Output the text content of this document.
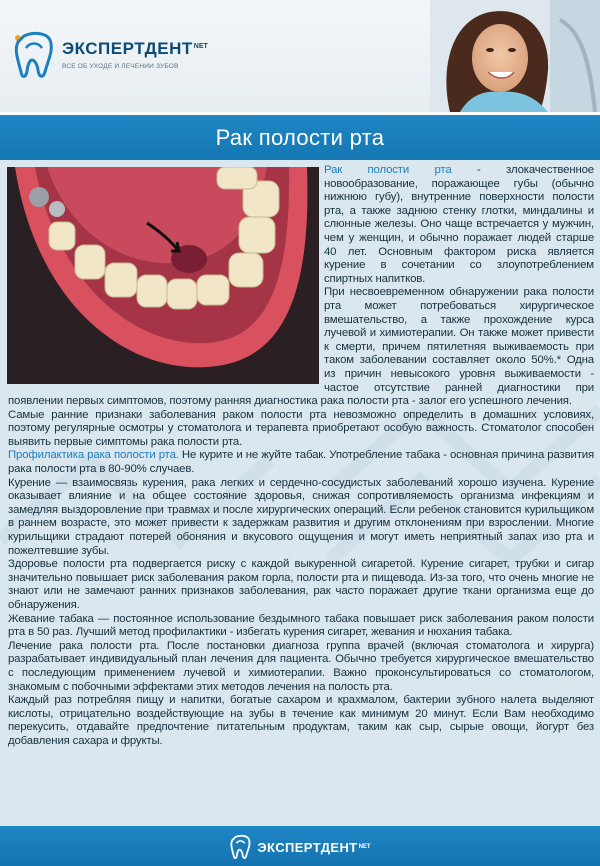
$ЭКСПЕРТДЕНТ^{NET}$
ВСЕ ОБ УХОДЕ И ЛЕЧЕНИИ ЗУБОВ
Рак полости рта

Рак полости рта - злокачественное новообразование, поражающее губы (обычно нижнюю губу), внутренние поверхности полости рта, а также заднюю стенку глотки, миндалины и слюнные железы. Оно чаще встречается у мужчин, чем у женщин, и обычно поражает людей старше 40 лет. Основным фактором риска является курение в сочетании со злоупотреблением спиртных напитков.

При несвоевременном обнаружении рака полости рта может потребоваться хирургическое вмешательство, а также прохождение курса лучевой и химиотерапии. Он также может привести к смерти, причем пятилетняя выживаемость при таком заболевании составляет около 50%.* Одна из причин невысокого уровня выживаемости - частое отсутствие ранней диагностики при появлении первых симптомов, поэтому ранняя диагностика рака полости рта - залог его успешного лечения.

Самые ранние признаки заболевания раком полости рта невозможно определить в домашних условиях, поэтому регулярные осмотры у стоматолога и терапевта приобретают особую важность. Стоматолог способен выявить первые симптомы рака полости рта.

Профилактика рака полости рта. Не курите и не жуйте табак. Употребление табака - основная причина развития рака полости рта в 80-90% случаев.

Курение — взаимосвязь курения, рака легких и сердечно-сосудистых заболеваний хорошо изучена. Курение оказывает влияние и на общее состояние здоровья, снижая сопротивляемость организма инфекциям и замедляя выздоровление при травмах и после хирургических операций. Если ребенок становится курильщиком в раннем возрасте, это может привести к задержкам развития и другим отклонениям при взрослении. Многие курильщики страдают потерей обоняния и вкусового ощущения и могут иметь неприятный запах изо рта и пожелтевшие зубы.

Здоровье полости рта подвергается риску с каждой выкуренной сигаретой. Курение сигарет, трубки и сигар значительно повышает риск заболевания раком горла, полости рта и пищевода. Из-за того, что очень многие не знают или не замечают ранних признаков заболевания, рак часто поражает другие ткани организма еще до обнаружения.

Жевание табака — постоянное использование бездымного табака повышает риск заболевания раком полости рта в 50 раз. Лучший метод профилактики - избегать курения сигарет, жевания и нюхания табака.

Лечение рака полости рта. После постановки диагноза группа врачей (включая стоматолога и хирурга) разрабатывает индивидуальный план лечения для пациента. Обычно требуется хирургическое вмешательство с последующим применением лучевой и химиотерапии. Важно проконсультироваться со стоматологом, знакомым с побочными эффектами этих методов лечения на полость рта.

Каждый раз потребляя пищу и напитки, богатые сахаром и крахмалом, бактерии зубного налета выделяют кислоты, отрицательно воздействующие на зубы в течение как минимум 20 минут. Если Вам необходимо перекусить, отдавайте предпочтение питательным продуктам, таким как сыр, сырые овощи, йогурт без добавления сахара и фрукты.

ЭКСПЕРТДЕНТ NET
